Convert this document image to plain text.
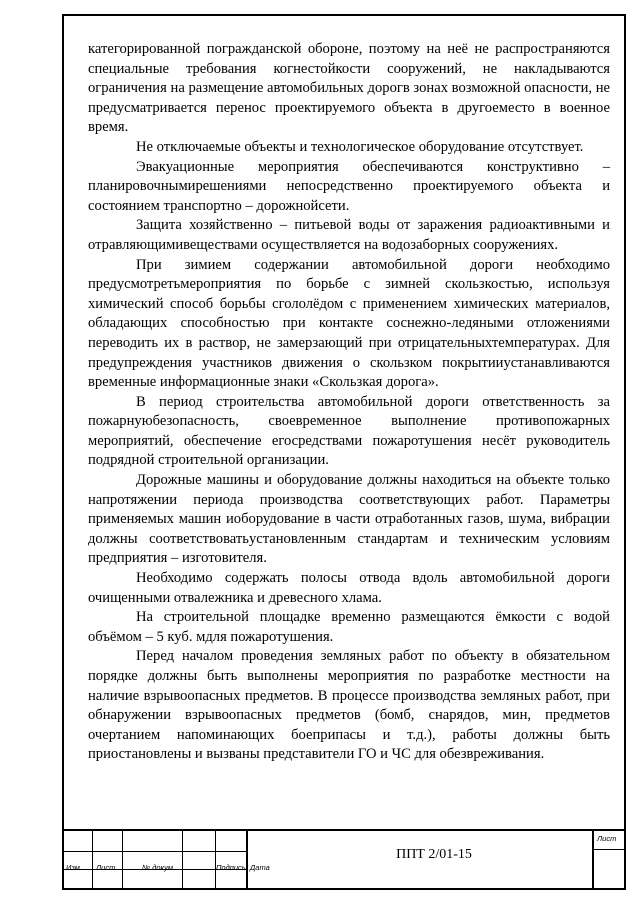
категорированной погражданской обороне, поэтому на неё не распространяются специальные требования когнестойкости сооружений, не накладываются ограничения на размещение автомобильных дорогв зонах возможной опасности, не предусматривается перенос проектируемого объекта в другоеместо в военное время.

Не отключаемые объекты и технологическое оборудование отсутствует.

Эвакуационные мероприятия обеспечиваются конструктивно – планировочнымирешениями непосредственно проектируемого объекта и состоянием транспортно – дорожнойсети.

Защита хозяйственно – питьевой воды от заражения радиоактивными и отравляющимивеществами осуществляется на водозаборных сооружениях.

При зимием содержании автомобильной дороги необходимо предусмотретьмероприятия по борьбе с зимней скользкостью, используя химический способ борьбы сгололёдом с применением химических материалов, обладающих способностью при контакте соснежно-ледяными отложениями переводить их в раствор, не замерзающий при отрицательныхтемпературах. Для предупреждения участников движения о скользком покрытииустанавливаются временные информационные знаки «Скользкая дорога».

В период строительства автомобильной дороги ответственность за пожарнуюбезопасность, своевременное выполнение противопожарных мероприятий, обеспечение егосредствами пожаротушения несёт руководитель подрядной строительной организации.

Дорожные машины и оборудование должны находиться на объекте только напротяжении периода производства соответствующих работ. Параметры применяемых машин иоборудование в части отработанных газов, шума, вибрации должны соответствоватьустановленным стандартам и техническим условиям предприятия – изготовителя.

Необходимо содержать полосы отвода вдоль автомобильной дороги очищенными отвалежника и древесного хлама.

На строительной площадке временно размещаются ёмкости с водой объёмом – 5 куб. мдля пожаротушения.

Перед началом проведения земляных работ по объекту в обязательном порядке должны быть выполнены мероприятия по разработке местности на наличие взрывоопасных предметов. В процессе производства земляных работ, при обнаружении взрывоопасных предметов (бомб, снарядов, мин, предметов очертанием напоминающих боеприпасы и т.д.), работы должны быть приостановлены и вызваны представители ГО и ЧС для обезвреживания.

Изм Лист	№ докум	Подпись Дата
Лист
ППТ 2/01-15
